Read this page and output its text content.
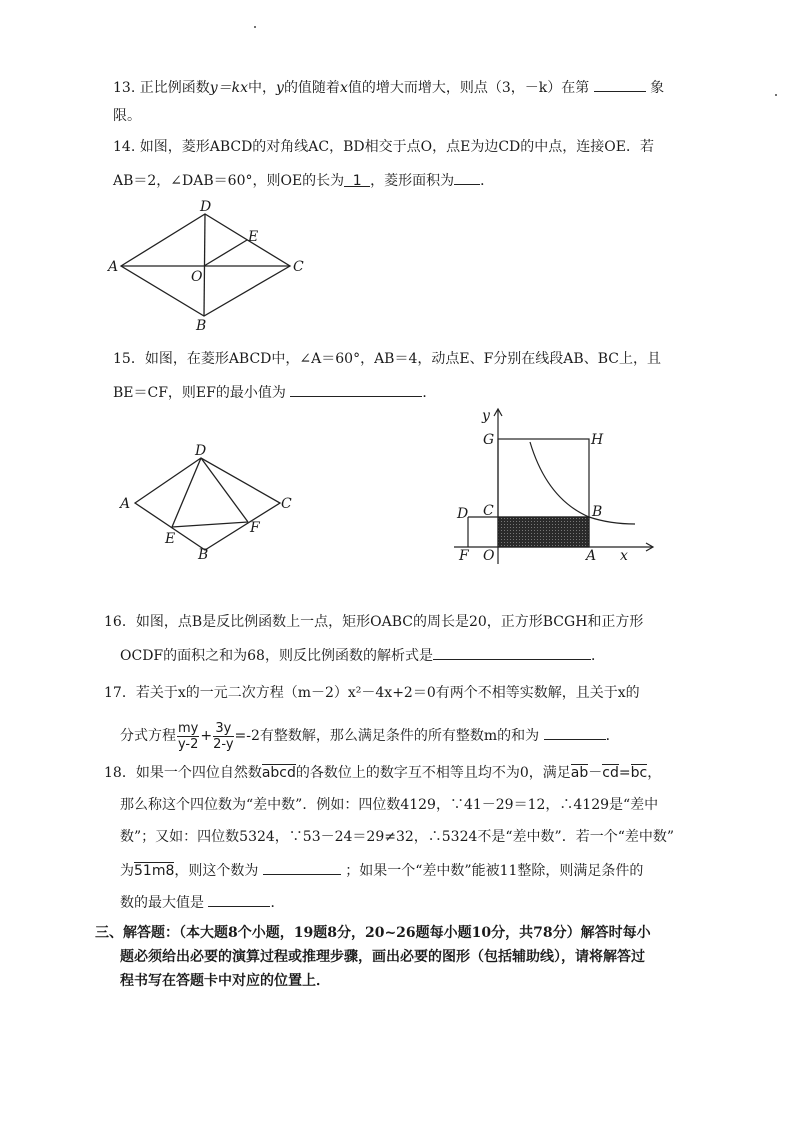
13. 正比例函数y＝kx中，y的值随着x值的增大而增大，则点（3，－k）在第	象
限。
14. 如图，菱形ABCD的对角线AC，BD相交于点O，点E为边CD的中点，连接OE．若
AB＝2，∠DAB＝60°，则OE的长为 1 ，菱形面积为 ．
D
E
A	C
O
B
15．如图，在菱形ABCD中，∠A＝60°，AB＝4，动点E、F分别在线段AB、BC上，且
BE＝CF，则EF的最小值为	．
D
A	C
E
F
B
y
G	H
D C	B
F O	A x
16．如图，点B是反比例函数上一点，矩形OABC的周长是20，正方形BCGH和正方形
OCDF的面积之和为68，则反比例函数的解析式是	．
17．若关于x的一元二次方程（m－2）x²－4x+2＝0有两个不相等实数解，且关于x的
分式方程 $\frac{my}{y-2} + \frac{3y}{2-y} =-2$有整数解，那么满足条件的所有整数m的和为	．
18．如果一个四位自然数abcd的各数位上的数字互不相等且均不为0，满足ab－cd=bc，
那么称这个四位数为“差中数”．例如：四位数4129，∵41－29＝12，∴4129是“差中
数”；又如：四位数5324，∵53－24＝29≠32，∴5324不是“差中数”．若一个“差中数”
为51m8，则这个数为	；如果一个“差中数”能被11整除，则满足条件的
数的最大值是	．
三、解答题：（本大题8个小题，19题8分，20~26题每小题10分，共78分）解答时每小
题必须给出必要的演算过程或推理步骤，画出必要的图形（包括辅助线），请将解答过
程书写在答题卡中对应的位置上．
